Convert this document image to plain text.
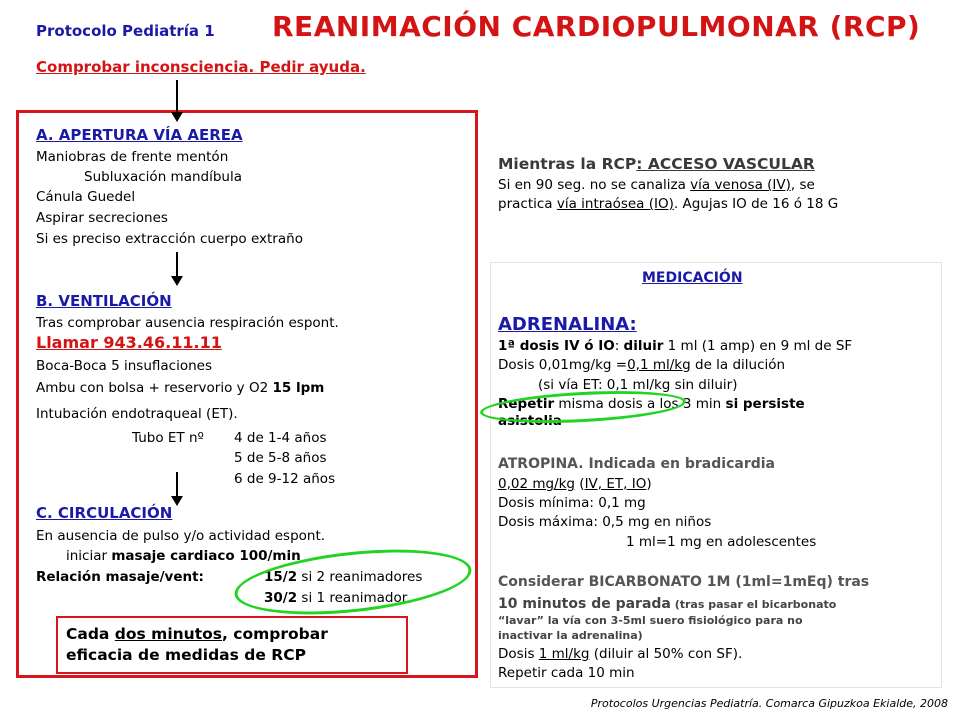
Protocolo Pediatría 1 REANIMACIÓN CARDIOPULMONAR (RCP)
Comprobar inconsciencia. Pedir ayuda.
A. APERTURA VÍA AEREA
Maniobras de frente mentón
Subluxación mandíbula
Cánula Guedel
Aspirar secreciones
Si es preciso extracción cuerpo extraño
B. VENTILACIÓN
Tras comprobar ausencia respiración espont.
Llamar 943.46.11.11
Boca-Boca 5 insuflaciones
Ambu con bolsa + reservorio y O2 15 lpm
Intubación endotraqueal (ET).
Tubo ET nº 4 de 1-4 años
5 de 5-8 años
6 de 9-12 años
C. CIRCULACIÓN
En ausencia de pulso y/o actividad espont.
iniciar masaje cardiaco 100/min
Relación masaje/vent:	15/2 si 2 reanimadores
30/2 si 1 reanimador
Cada dos minutos, comprobar
eficacia de medidas de RCP
Mientras la RCP: ACCESO VASCULAR
Si en 90 seg. no se canaliza vía venosa (IV), se
practica vía intraósea (IO). Agujas IO de 16 ó 18 G
MEDICACIÓN
ADRENALINA:
1ª dosis IV ó IO: diluir 1 ml (1 amp) en 9 ml de SF
Dosis 0,01mg/kg =0,1 ml/kg de la dilución
(si vía ET: 0,1 ml/kg sin diluir)
Repetir misma dosis a los 3 min si persiste
asistolia
ATROPINA. Indicada en bradicardia
0,02 mg/kg (IV, ET, IO)
Dosis mínima: 0,1 mg
Dosis máxima: 0,5 mg en niños
1 ml=1 mg en adolescentes
Considerar BICARBONATO 1M (1ml=1mEq) tras
10 minutos de parada (tras pasar el bicarbonato
“lavar” la vía con 3-5ml suero fisiológico para no
inactivar la adrenalina)
Dosis 1 ml/kg (diluir al 50% con SF).
Repetir cada 10 min
Protocolos Urgencias Pediatría. Comarca Gipuzkoa Ekialde, 2008
